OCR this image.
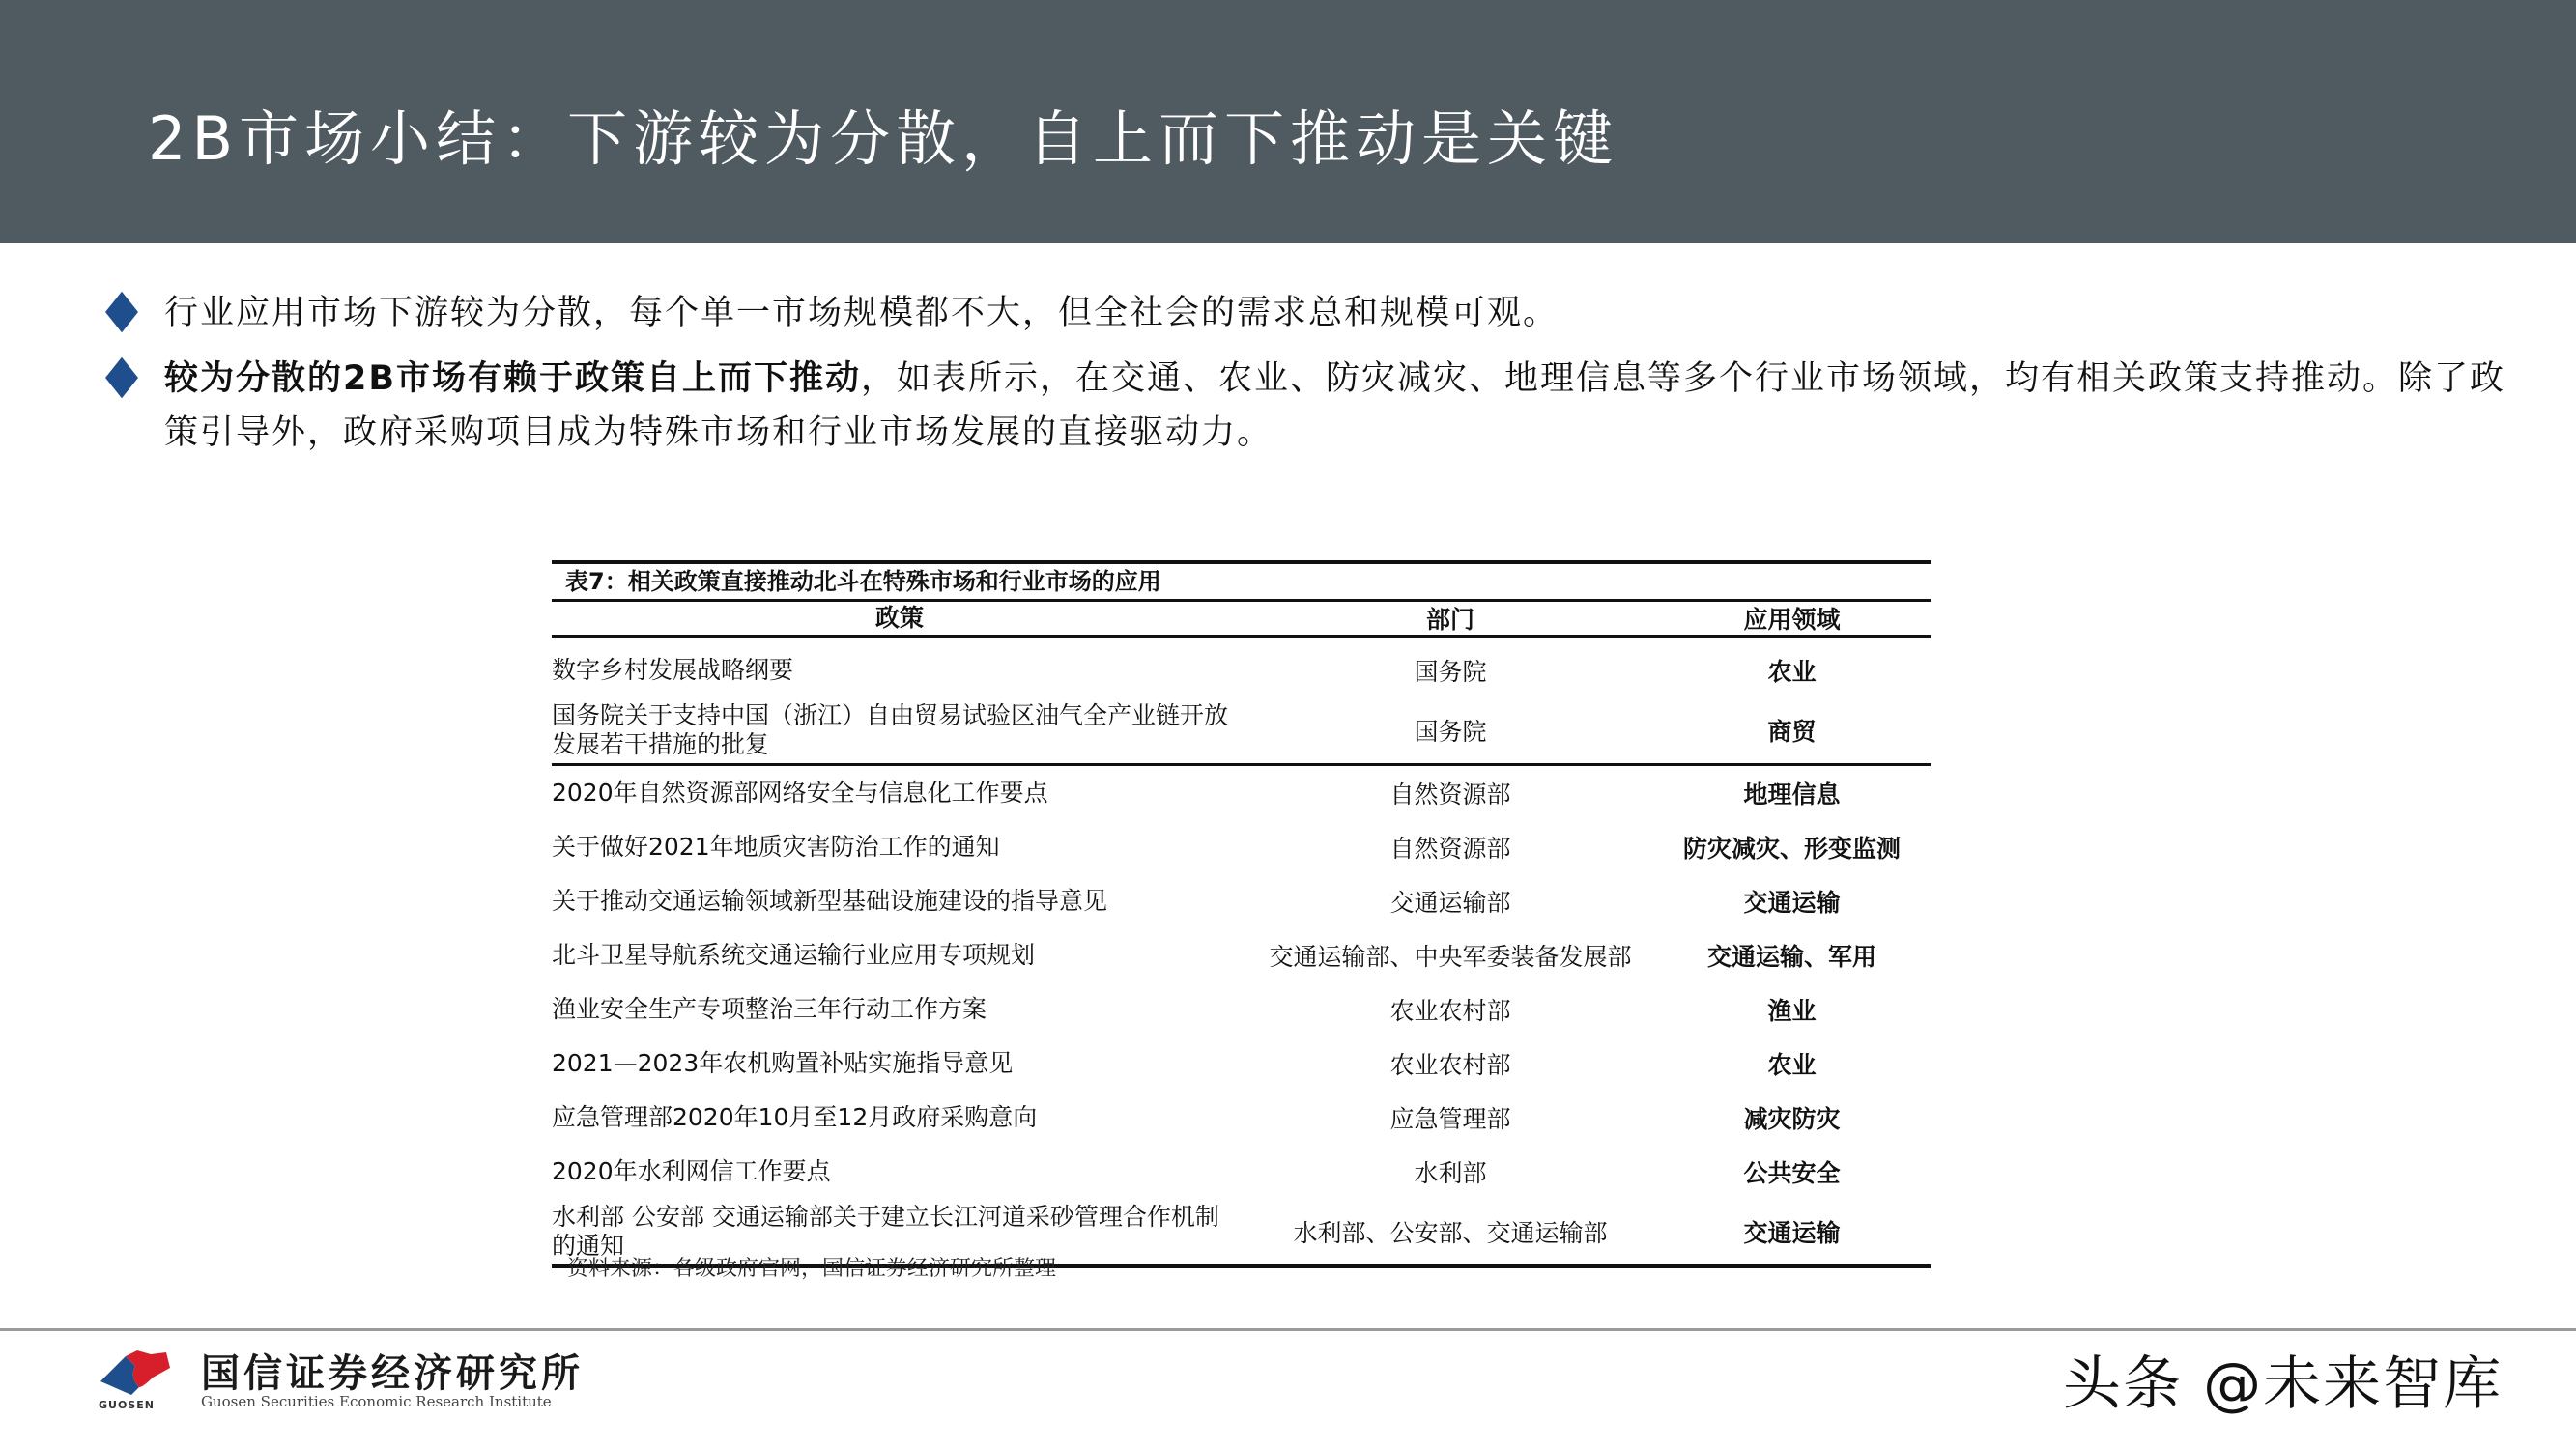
2B市场小结：下游较为分散，自上而下推动是关键
行业应用市场下游较为分散，每个单一市场规模都不大，但全社会的需求总和规模可观。
较为分散的2B市场有赖于政策自上而下推动，如表所示，在交通、农业、防灾减灾、地理信息等多个行业市场领域，均有相关政策支持推动。除了政策引导外，政府采购项目成为特殊市场和行业市场发展的直接驱动力。
表7：相关政策直接推动北斗在特殊市场和行业市场的应用
政策	部门	应用领域
数字乡村发展战略纲要	国务院	农业
国务院关于支持中国（浙江）自由贸易试验区油气全产业链开放发展若干措施的批复	国务院	商贸
2020年自然资源部网络安全与信息化工作要点	自然资源部	地理信息
关于做好2021年地质灾害防治工作的通知	自然资源部	防灾减灾、形变监测
关于推动交通运输领域新型基础设施建设的指导意见	交通运输部	交通运输
北斗卫星导航系统交通运输行业应用专项规划	交通运输部、中央军委装备发展部	交通运输、军用
渔业安全生产专项整治三年行动工作方案	农业农村部	渔业
2021—2023年农机购置补贴实施指导意见	农业农村部	农业
应急管理部2020年10月至12月政府采购意向	应急管理部	减灾防灾
2020年水利网信工作要点	水利部	公共安全
水利部 公安部 交通运输部关于建立长江河道采砂管理合作机制的通知	水利部、公安部、交通运输部	交通运输
资料来源：各级政府官网，国信证券经济研究所整理
GUOSEN
国信证券经济研究所
Guosen Securities Economic Research Institute	头条 @未来智库
